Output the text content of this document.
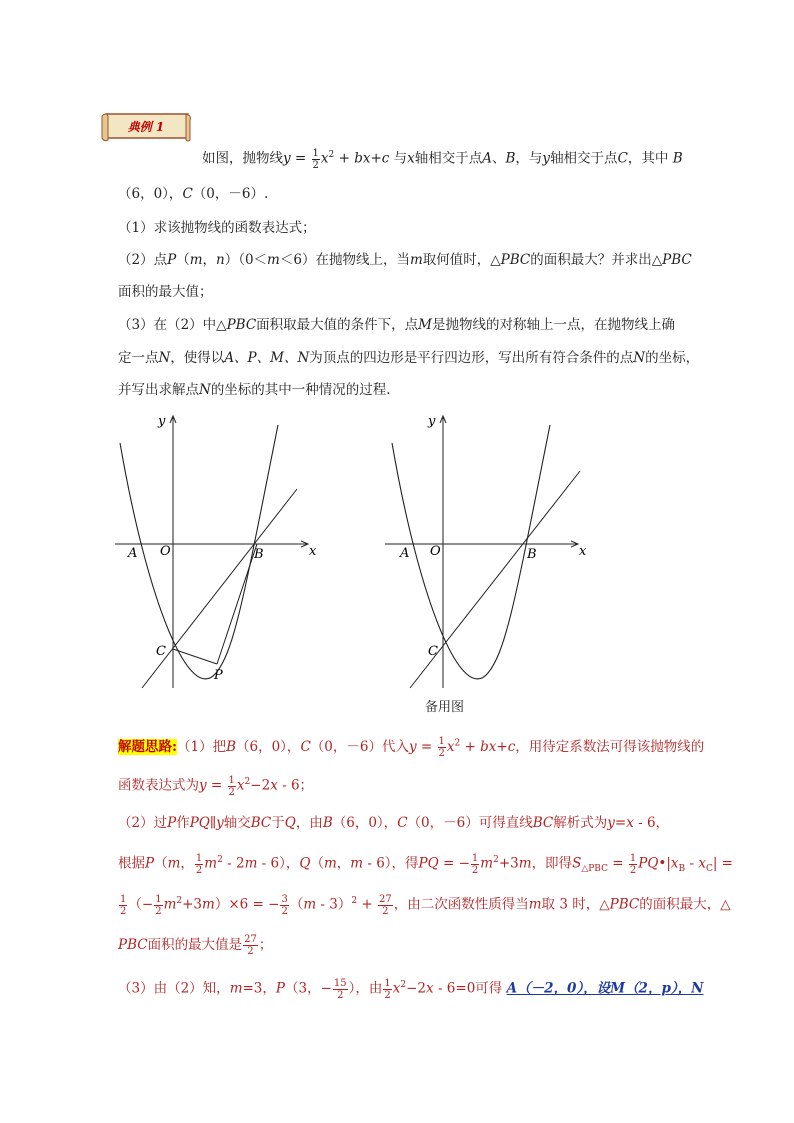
典例 1
如图，抛物线$y = \frac{1}{2} x^2 + bx+c$ 与x轴相交于点A、B，与y轴相交于点C，其中 B
（6，0），C（0，－6）.
（1）求该抛物线的函数表达式；
（2）点P（m，n）（0＜m＜6）在抛物线上，当m取何值时，△PBC的面积最大？并求出△PBC
面积的最大值；
（3）在（2）中△PBC面积取最大值的条件下，点M是抛物线的对称轴上一点，在抛物线上确
定一点N，使得以A、P、M、N为顶点的四边形是平行四边形，写出所有符合条件的点N的坐标，
并写出求解点N的坐标的其中一种情况的过程.
y
x
A O	B
C
P
y
x
A O	B
C
备用图
解题思路:（1）把B（6，0），C（0，－6）代入$y = \frac{1}{2} x^2 + bx+c$，用待定系数法可得该抛物线的
函数表达式为$y = \frac{1}{2} x^2-2x - 6$；
（2）过P作PQ∥y轴交BC于Q，由B（6，0），C（0，－6）可得直线BC解析式为y=x - 6，
根据P（m， $\frac{1}{2} m^2 - 2m - 6$），Q（m，m - 6），得PQ = − $\frac{1}{2} m^2+3m$，即得$S_{\triangle PBC} = \frac{1}{2}$ $PQ•|x_B - x_C|$ =
$\frac{1}{2}$ （− $\frac{1}{2} m^2+3m)\times 6$ = − $\frac{3}{2} (m - 3)^2 + \frac{27}{2}$ ，由二次函数性质得当m取 3 时，△PBC的面积最大，△
PBC面积的最大值是 $\frac{27}{2}$ ；
（3）由（2）知，m=3，P（3，− $\frac{15}{2}$ ），由 $\frac{1}{2} x^2-2x - 6=0$可得 A（－2，0），设M（2，p），N
